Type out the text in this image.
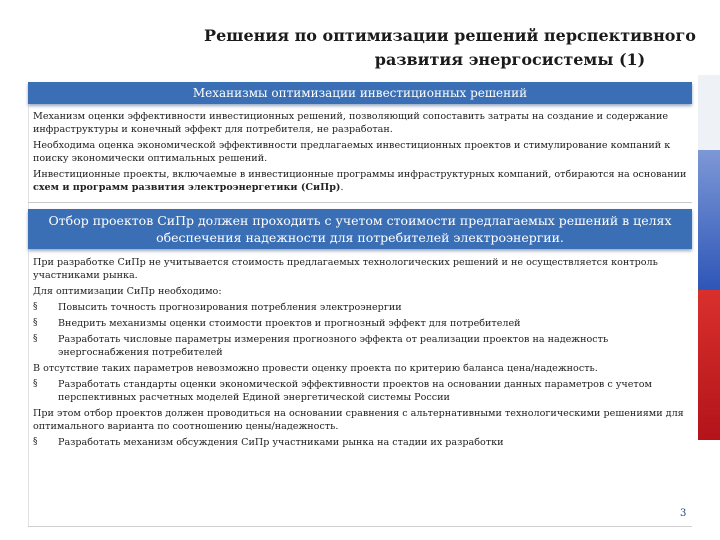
Решения по оптимизации решений перспективного
развития энергосистемы (1)
Механизмы оптимизации инвестиционных решений

Механизм оценки эффективности инвестиционных решений, позволяющий сопоставить затраты на создание и содержание инфраструктуры и конечный эффект для потребителя, не разработан.

Необходима оценка экономической эффективности предлагаемых инвестиционных проектов и стимулирование компаний к поиску экономически оптимальных решений.

Инвестиционные проекты, включаемые в инвестиционные программы инфраструктурных компаний, отбираются на основании схем и программ развития электроэнергетики (СиПр).

Отбор проектов СиПр должен проходить с учетом стоимости предлагаемых решений в целях
обеспечения надежности для потребителей электроэнергии.

При разработке СиПр не учитывается стоимость предлагаемых технологических решений и не осуществляется контроль участниками рынка.

Для оптимизации СиПр необходимо:

§ Повысить точность прогнозирования потребления электроэнергии

§ Внедрить механизмы оценки стоимости проектов и прогнозный эффект для потребителей

§ Разработать числовые параметры измерения прогнозного эффекта от реализации проектов на надежность энергоснабжения потребителей

В отсутствие таких параметров невозможно провести оценку проекта по критерию баланса цена/надежность.

§ Разработать стандарты оценки экономической эффективности проектов на основании данных параметров с учетом перспективных расчетных моделей Единой энергетической системы России

При этом отбор проектов должен проводиться на основании сравнения с альтернативными технологическими решениями для оптимального варианта по соотношению цены/надежность.

§ Разработать механизм обсуждения СиПр участниками рынка на стадии их разработки

3
